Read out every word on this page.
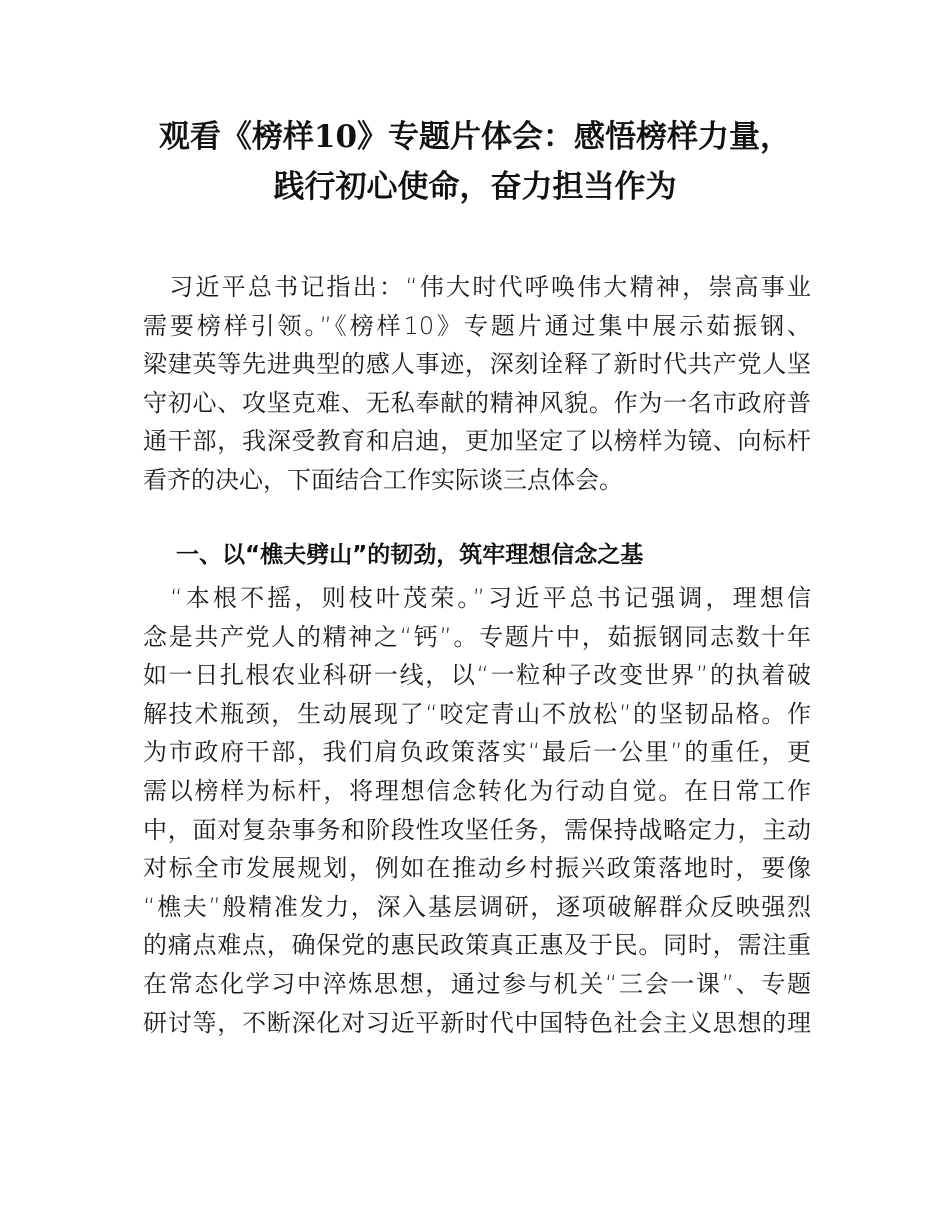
观看《榜样10》专题片体会：感悟榜样力量，
践行初心使命，奋力担当作为
　习近平总书记指出：“伟大时代呼唤伟大精神，崇高事业
需要榜样引领。”《榜样10》专题片通过集中展示茹振钢、
梁建英等先进典型的感人事迹，深刻诠释了新时代共产党人坚
守初心、攻坚克难、无私奉献的精神风貌。作为一名市政府普
通干部，我深受教育和启迪，更加坚定了以榜样为镜、向标杆
看齐的决心，下面结合工作实际谈三点体会。
一、以“樵夫劈山”的韧劲，筑牢理想信念之基
　“本根不摇，则枝叶茂荣。”习近平总书记强调，理想信
念是共产党人的精神之“钙”。专题片中，茹振钢同志数十年
如一日扎根农业科研一线，以“一粒种子改变世界”的执着破
解技术瓶颈，生动展现了“咬定青山不放松”的坚韧品格。作
为市政府干部，我们肩负政策落实“最后一公里”的重任，更
需以榜样为标杆，将理想信念转化为行动自觉。在日常工作
中，面对复杂事务和阶段性攻坚任务，需保持战略定力，主动
对标全市发展规划，例如在推动乡村振兴政策落地时，要像
“樵夫”般精准发力，深入基层调研，逐项破解群众反映强烈
的痛点难点，确保党的惠民政策真正惠及于民。同时，需注重
在常态化学习中淬炼思想，通过参与机关“三会一课”、专题
研讨等，不断深化对习近平新时代中国特色社会主义思想的理
